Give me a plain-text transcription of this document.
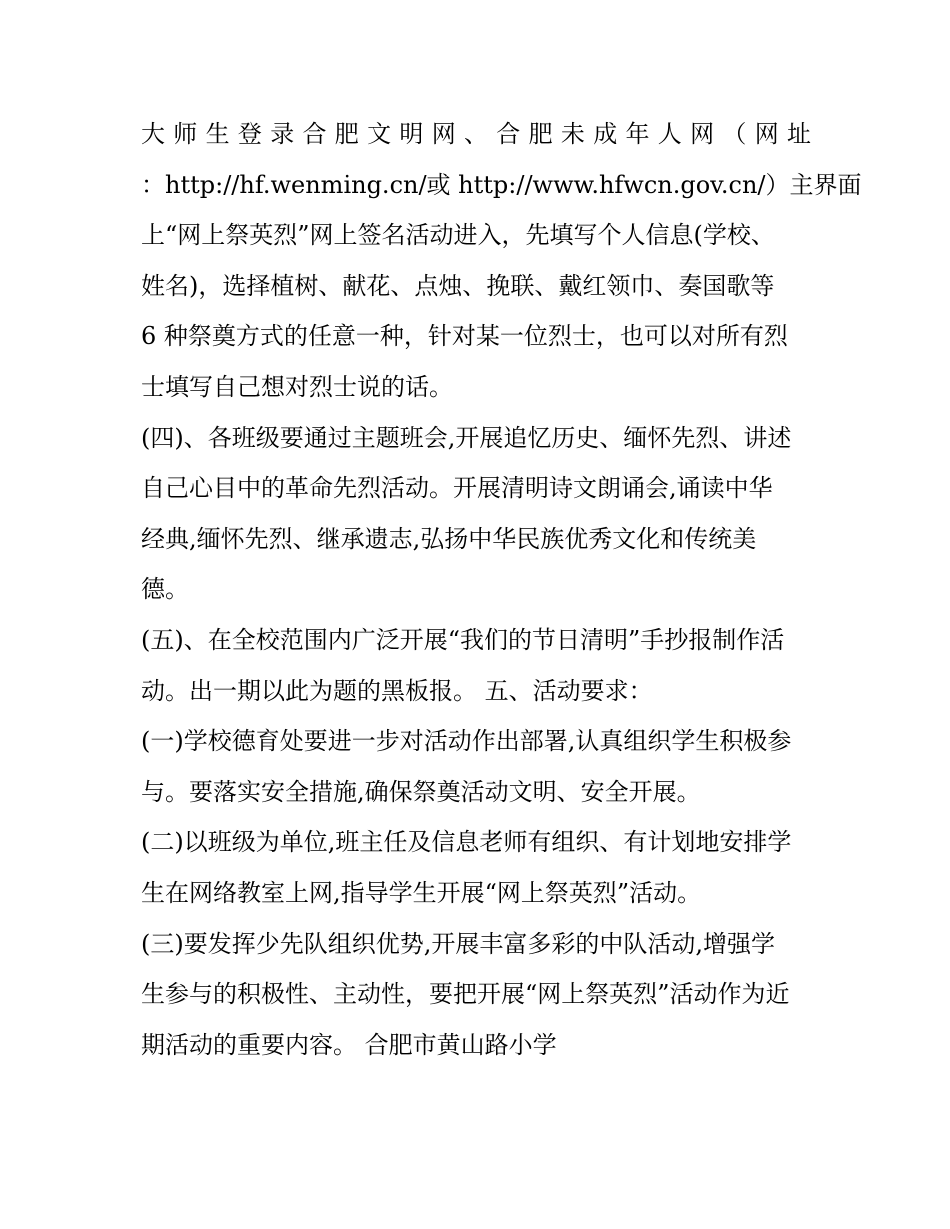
大师生登录合肥文明网、合肥未成年人网（网址
：http://hf.wenming.cn/或 http://www.hfwcn.gov.cn/）主界面
上“网上祭英烈”网上签名活动进入，先填写个人信息(学校、
姓名)，选择植树、献花、点烛、挽联、戴红领巾、奏国歌等
6 种祭奠方式的任意一种，针对某一位烈士，也可以对所有烈
士填写自己想对烈士说的话。
(四)、各班级要通过主题班会,开展追忆历史、缅怀先烈、讲述
自己心目中的革命先烈活动。开展清明诗文朗诵会,诵读中华
经典,缅怀先烈、继承遗志,弘扬中华民族优秀文化和传统美
德。
(五)、在全校范围内广泛开展“我们的节日清明”手抄报制作活
动。出一期以此为题的黑板报。 五、活动要求：
(一)学校德育处要进一步对活动作出部署,认真组织学生积极参
与。要落实安全措施,确保祭奠活动文明、安全开展。
(二)以班级为单位,班主任及信息老师有组织、有计划地安排学
生在网络教室上网,指导学生开展“网上祭英烈”活动。
(三)要发挥少先队组织优势,开展丰富多彩的中队活动,增强学
生参与的积极性、主动性，要把开展“网上祭英烈”活动作为近
期活动的重要内容。 合肥市黄山路小学
